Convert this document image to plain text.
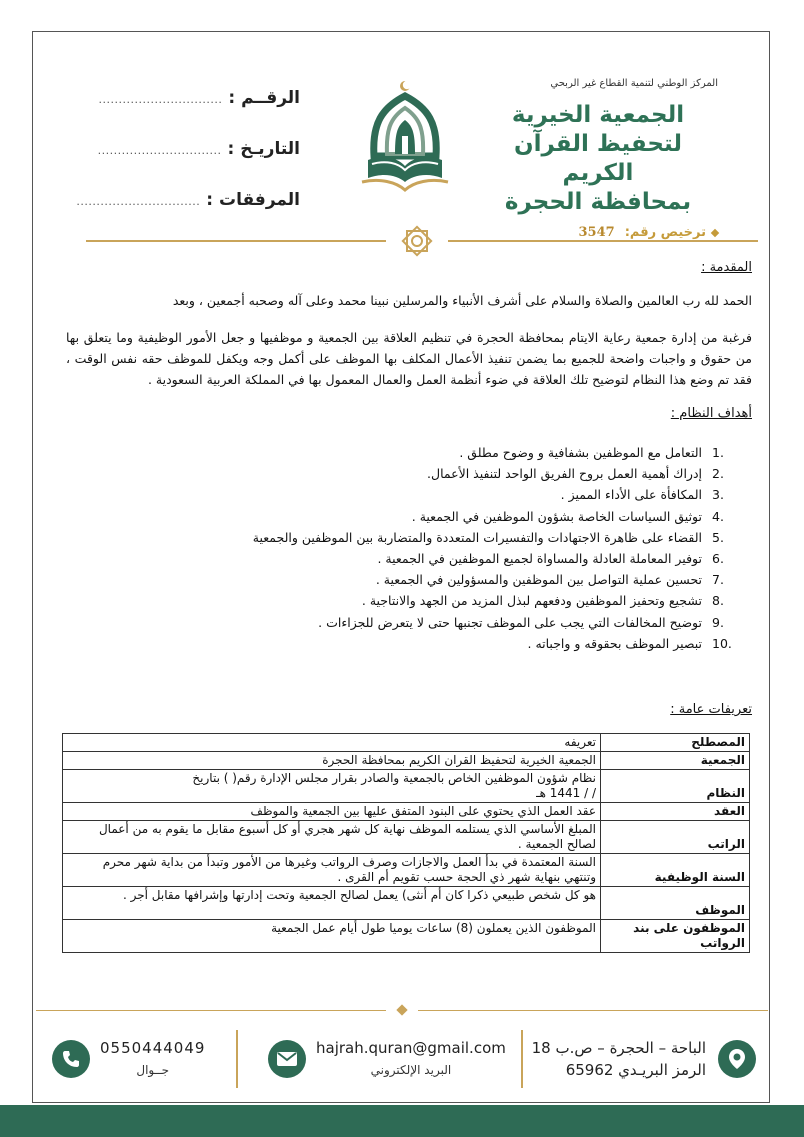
المركز الوطني لتنمية القطاع غير الربحي
الجمعية الخيرية
لتحفيظ القرآن الكريم
بمحافظة الحجرة
ترخيص رقم:3547
الرقــم :
...............................
التاريـخ :
...............................
المرفقات :
...............................
المقدمة :
الحمد لله رب العالمين والصلاة والسلام على أشرف الأنبياء والمرسلين نبينا محمد وعلى آله وصحبه أجمعين ، وبعد
فرغبة من إدارة جمعية رعاية الايتام بمحافظة الحجرة في تنظيم العلاقة بين الجمعية و موظفيها و جعل الأمور الوظيفية وما يتعلق بها من حقوق و واجبات واضحة للجميع بما يضمن تنفيذ الأعمال المكلف بها الموظف على أكمل وجه ويكفل للموظف حقه نفس الوقت ، فقد تم وضع هذا النظام لتوضيح تلك العلاقة في ضوء أنظمة العمل والعمال المعمول بها في المملكة العربية السعودية .
أهداف النظام :
1.
التعامل مع الموظفين بشفافية و وضوح مطلق .
2.
إدراك أهمية العمل بروح الفريق الواحد لتنفيذ الأعمال.
3.
المكافأة على الأداء المميز .
4.
توثيق السياسات الخاصة بشؤون الموظفين في الجمعية .
5.
القضاء على ظاهرة الاجتهادات والتفسيرات المتعددة والمتضاربة بين الموظفين والجمعية
6.
توفير المعاملة العادلة والمساواة لجميع الموظفين في الجمعية .
7.
تحسين عملية التواصل بين الموظفين والمسؤولين في الجمعية .
8.
تشجيع وتحفيز الموظفين ودفعهم لبذل المزيد من الجهد والانتاجية .
9.
توضيح المخالفات التي يجب على الموظف تجنبها حتى لا يتعرض للجزاءات .
10.
تبصير الموظف بحقوقه و واجباته .
تعريفات عامة :
المصطلح	تعريفه
الجمعية	الجمعية الخيرية لتحفيظ القران الكريم بمحافظة الحجرة
النظام	نظام شؤون الموظفين الخاص بالجمعية والصادر بقرار مجلس الإدارة رقم( ) بتاريخ
/ / 1441 هـ
العقد	عقد العمل الذي يحتوي على البنود المتفق عليها بين الجمعية والموظف
الراتب	المبلغ الأساسي الذي يستلمه الموظف نهاية كل شهر هجري أو كل أسبوع مقابل ما يقوم به من أعمال لصالح الجمعية .
السنة الوظيفية	السنة المعتمدة في بدأ العمل والاجازات وصرف الرواتب وغيرها من الأمور وتبدأ من بداية شهر محرم وتنتهي بنهاية شهر ذي الحجة حسب تقويم أم القرى .
الموظف	هو كل شخص طبيعي ذكرا كان أم أنثى) يعمل لصالح الجمعية وتحت إدارتها وإشرافها مقابل أجر .
الموظفون على بند الرواتب	الموظفون الذين يعملون (8) ساعات يوميا طول أيام عمل الجمعية
الباحة – الحجرة – ص.ب 18
الرمز البريـدي 65962
hajrah.quran@gmail.com
البريد الإلكتروني
0550444049
جــوال
